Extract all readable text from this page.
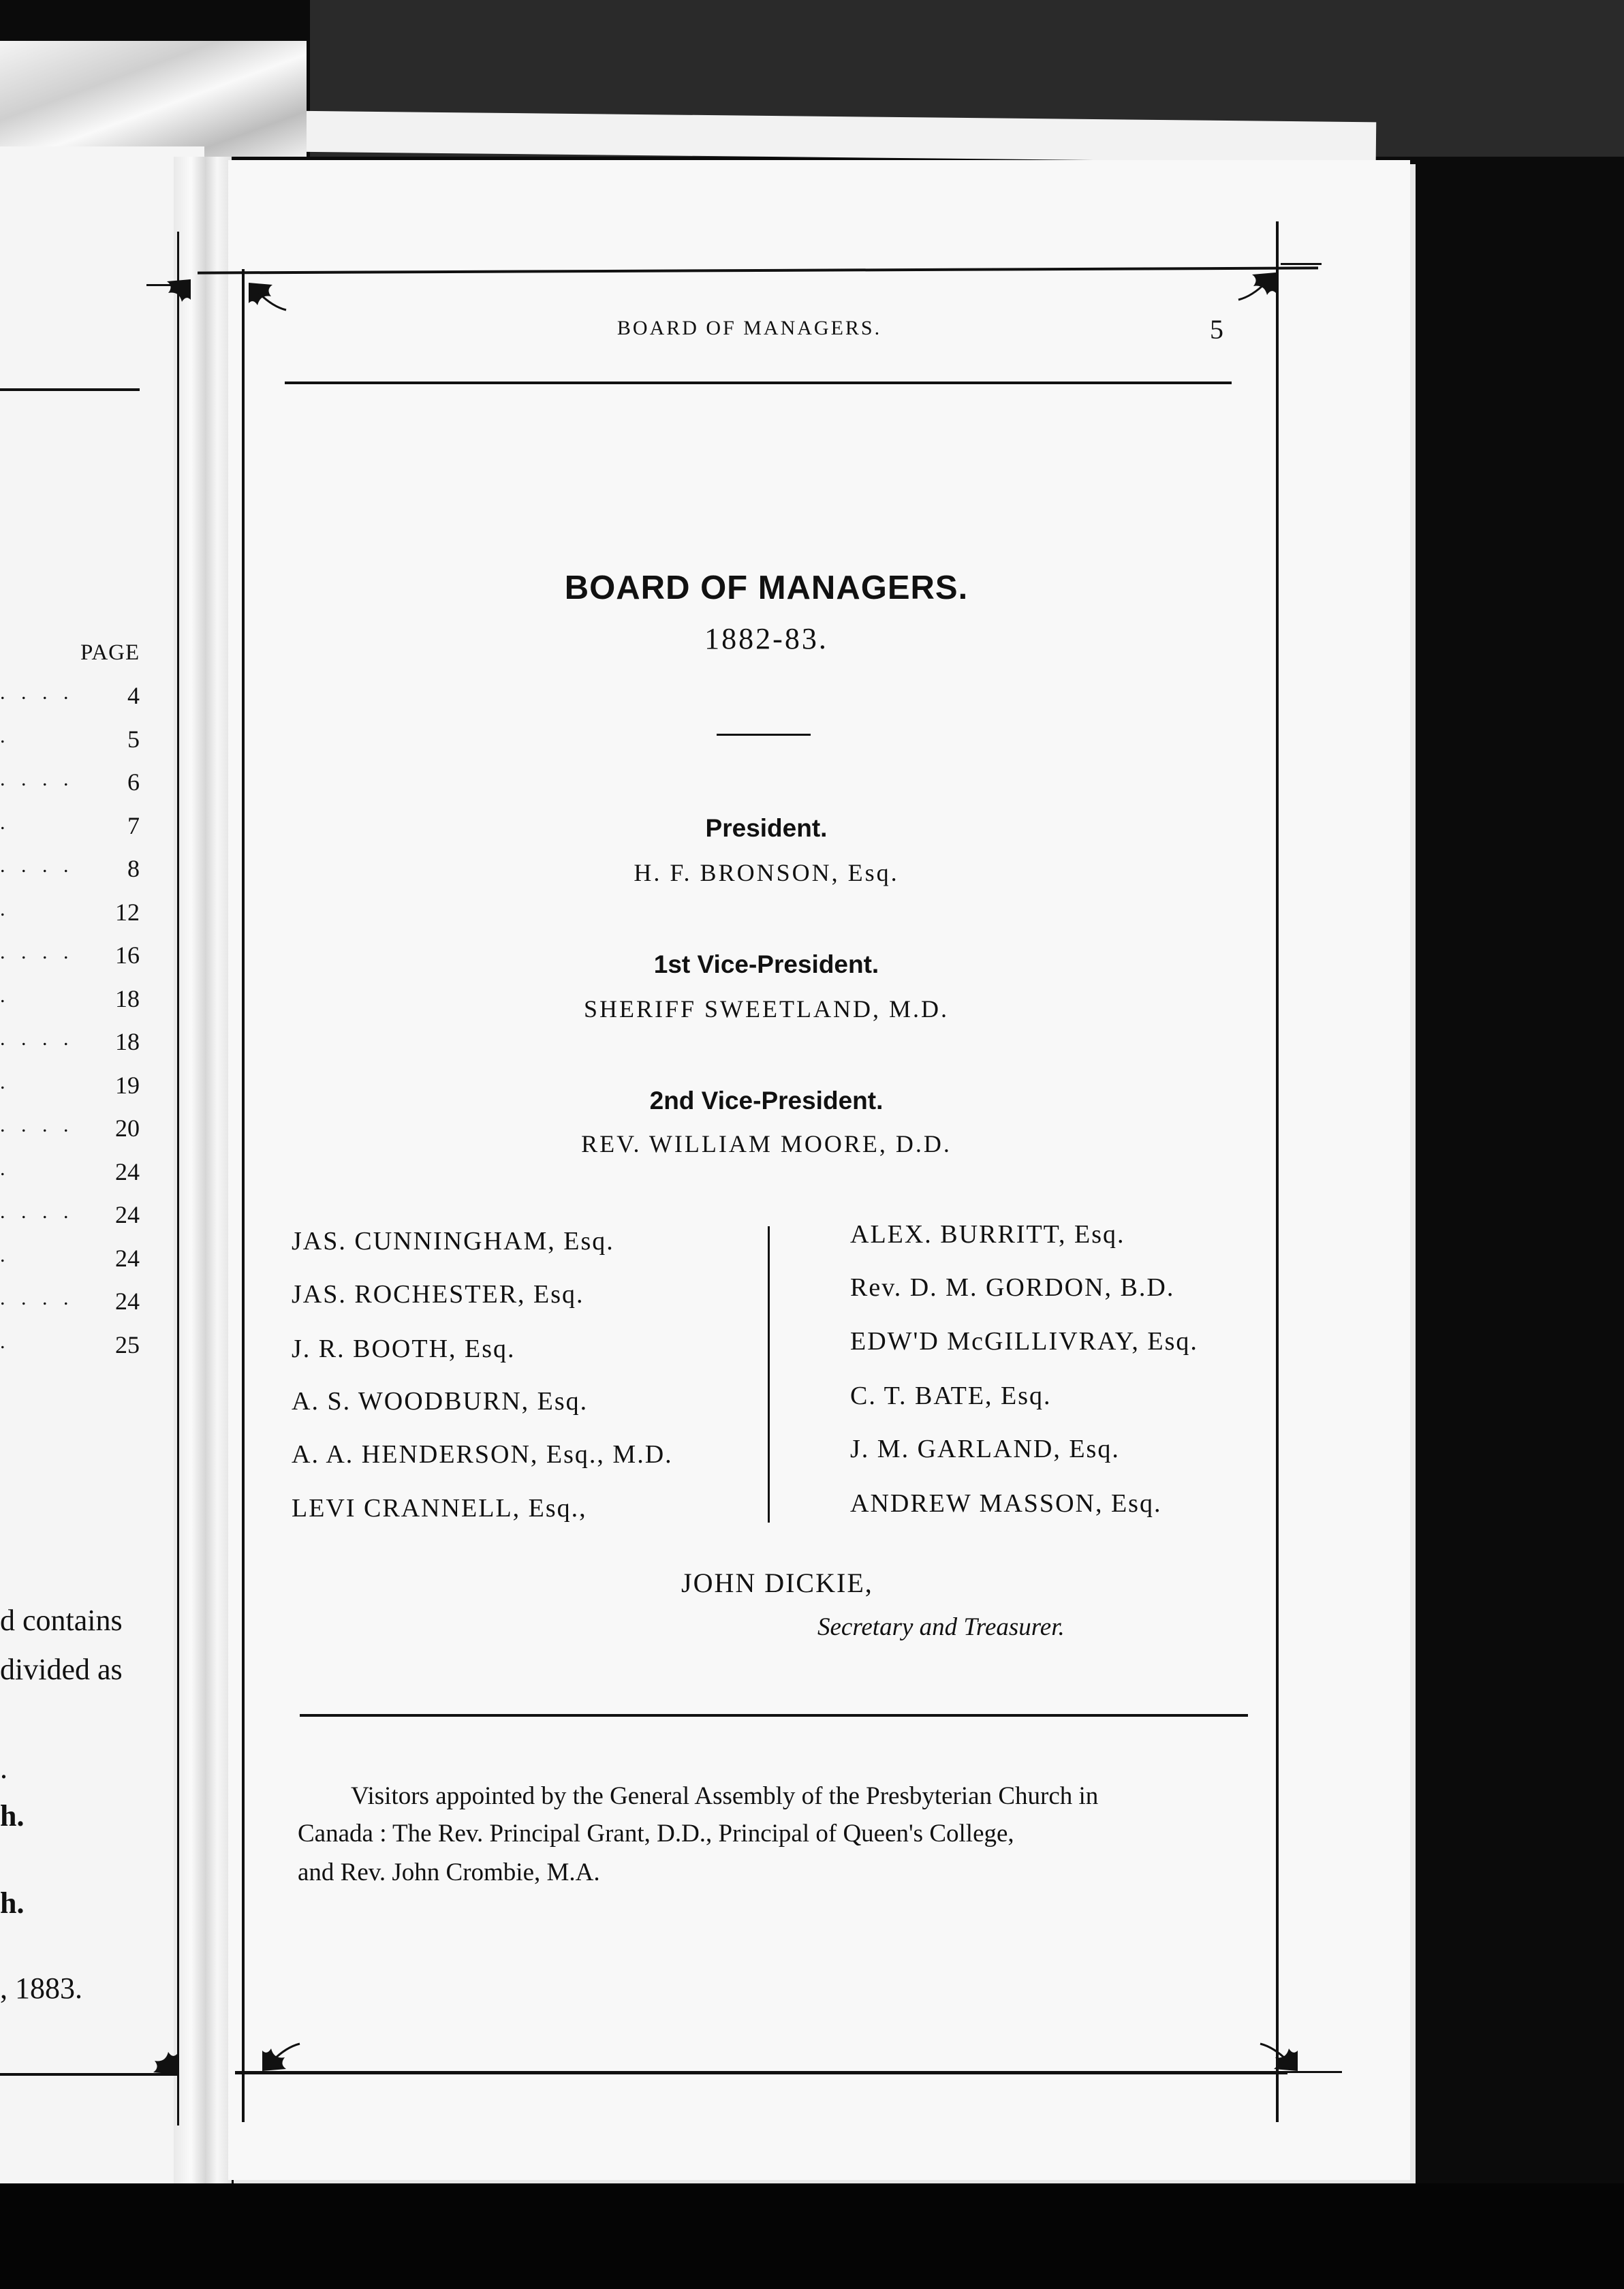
PAGE
. . . . 4
.	5
. . . . 6
.	7
. . . . 8
.	12
. . . . 16
.	18
. . . . 18
.	19
. . . . 20
.	24
. . . . 24
.	24
. . . . 24
.	25
d contains
divided as
.
h.
h.
, 1883.
BOARD OF MANAGERS.	5
BOARD OF MANAGERS.
1882-83.
President.
H. F. BRONSON, Esq.
1st Vice-President.
SHERIFF SWEETLAND, M.D.
2nd Vice-President.
REV. WILLIAM MOORE, D.D.
JAS. CUNNINGHAM, Esq.
JAS. ROCHESTER, Esq.
J. R. BOOTH, Esq.
A. S. WOODBURN, Esq.
A. A. HENDERSON, Esq., M.D.
LEVI CRANNELL, Esq.,
ALEX. BURRITT, Esq.
Rev. D. M. GORDON, B.D.
EDW'D McGILLIVRAY, Esq.
C. T. BATE, Esq.
J. M. GARLAND, Esq.
ANDREW MASSON, Esq.
JOHN DICKIE,
Secretary and Treasurer.
Visitors appointed by the General Assembly of the Presbyterian Church in
Canada : The Rev. Principal Grant, D.D., Principal of Queen's College,
and Rev. John Crombie, M.A.
